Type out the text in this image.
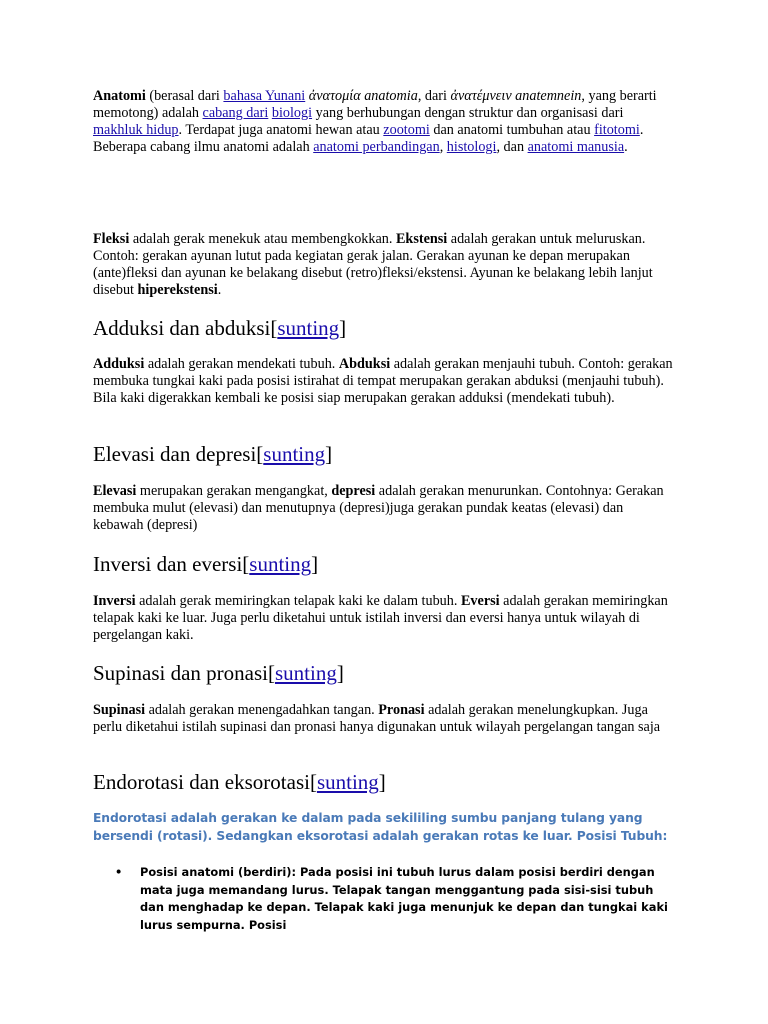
Anatomi (berasal dari bahasa Yunani ἀνατομία anatomia, dari ἀνατέμνειν anatemnein, yang berarti memotong) adalah cabang dari biologi yang berhubungan dengan struktur dan organisasi dari makhluk hidup. Terdapat juga anatomi hewan atau zootomi dan anatomi tumbuhan atau fitotomi. Beberapa cabang ilmu anatomi adalah anatomi perbandingan, histologi, dan anatomi manusia.

Fleksi adalah gerak menekuk atau membengkokkan. Ekstensi adalah gerakan untuk meluruskan. Contoh: gerakan ayunan lutut pada kegiatan gerak jalan. Gerakan ayunan ke depan merupakan (ante)fleksi dan ayunan ke belakang disebut (retro)fleksi/ekstensi. Ayunan ke belakang lebih lanjut disebut hiperekstensi.

Adduksi dan abduksi[sunting]

Adduksi adalah gerakan mendekati tubuh. Abduksi adalah gerakan menjauhi tubuh. Contoh: gerakan membuka tungkai kaki pada posisi istirahat di tempat merupakan gerakan abduksi (menjauhi tubuh). Bila kaki digerakkan kembali ke posisi siap merupakan gerakan adduksi (mendekati tubuh).

Elevasi dan depresi[sunting]

Elevasi merupakan gerakan mengangkat, depresi adalah gerakan menurunkan. Contohnya: Gerakan membuka mulut (elevasi) dan menutupnya (depresi)juga gerakan pundak keatas (elevasi) dan kebawah (depresi)

Inversi dan eversi[sunting]

Inversi adalah gerak memiringkan telapak kaki ke dalam tubuh. Eversi adalah gerakan memiringkan telapak kaki ke luar. Juga perlu diketahui untuk istilah inversi dan eversi hanya untuk wilayah di pergelangan kaki.

Supinasi dan pronasi[sunting]

Supinasi adalah gerakan menengadahkan tangan. Pronasi adalah gerakan menelungkupkan. Juga perlu diketahui istilah supinasi dan pronasi hanya digunakan untuk wilayah pergelangan tangan saja

Endorotasi dan eksorotasi[sunting]

Endorotasi adalah gerakan ke dalam pada sekililing sumbu panjang tulang yang bersendi (rotasi). Sedangkan eksorotasi adalah gerakan rotas ke luar. Posisi Tubuh:

• Posisi anatomi (berdiri): Pada posisi ini tubuh lurus dalam posisi berdiri dengan mata juga memandang lurus. Telapak tangan menggantung pada sisi-sisi tubuh dan menghadap ke depan. Telapak kaki juga menunjuk ke depan dan tungkai kaki lurus sempurna. Posisi
